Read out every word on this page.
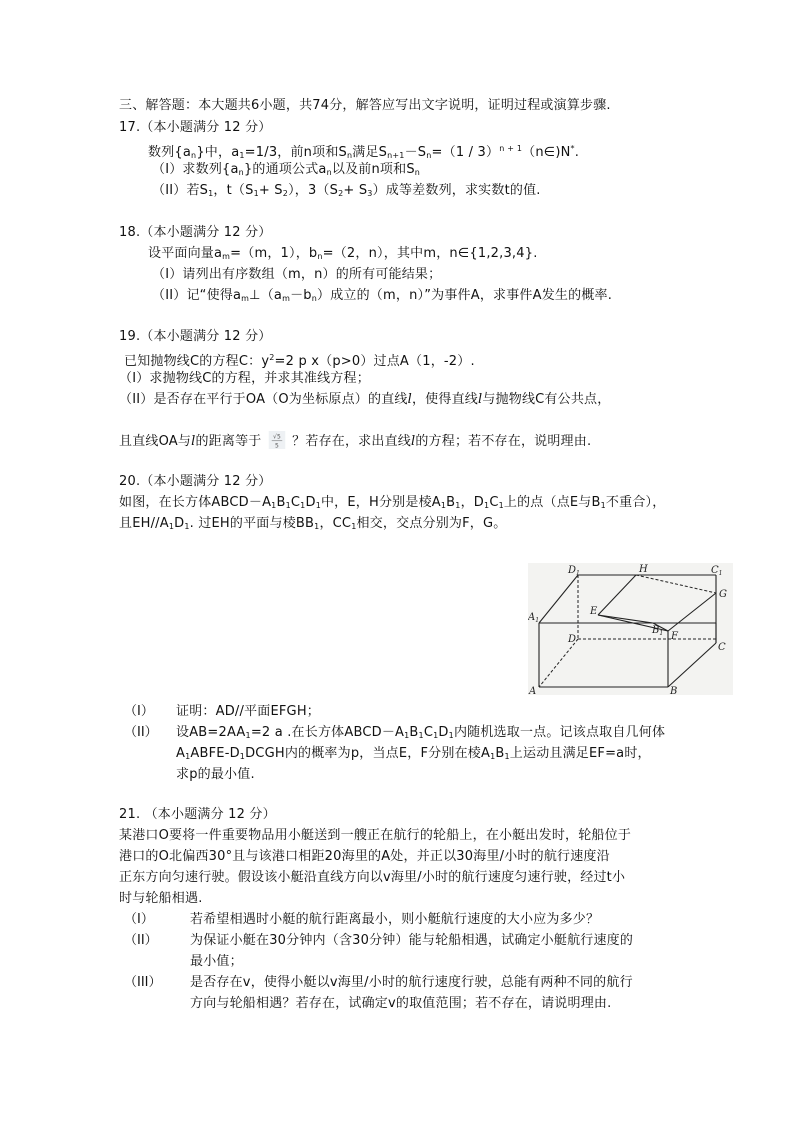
三、解答题：本大题共6小题，共74分，解答应写出文字说明，证明过程或演算步骤.
17.（本小题满分 12 分）
数列$\{a_n\}$中，$a_1=1/3$，前n项和$S_n$满足$S_{n+1}-S_n=(1$ / 3）$^{n + 1}$（n∈)N*.
（I）求数列$\{a_n\}$的通项公式$a_n$以及前n项和$S_n$
（II）若$S_1$，$t(S_1+ S_2)$，$3(S_2+ S_3)$成等差数列，求实数t的值.
18.（本小题满分 12 分）
设平面向量$a_m=(m$，1），$b_n=(2$，n），其中m，n∈{1,2,3,4}.
（I）请列出有序数组（m，n）的所有可能结果；
（II）记“使得$a_m\perp(a_m-b_n)$成立的（m，n）”为事件A，求事件A发生的概率.
19.（本小题满分 12 分）
已知抛物线C的方程C：$y^2=2$ p x（p>0）过点A（1，-2）.
（I）求抛物线C的方程，并求其准线方程；
（II）是否存在平行于OA（O为坐标原点）的直线l，使得直线l与抛物线C有公共点，
且直线OA与l的距离等于 √5
5 ？若存在，求出直线l的方程；若不存在，说明理由.
20.（本小题满分 12 分）
如图，在长方体$ABCD-A_1B_1C_1D_1$中，E，H分别是棱$A_1B_1$，$D_1C_1$上的点（点E与$B_1$不重合），
且$EH//A_1D_1$. 过EH的平面与棱$BB_1$，$CC_1$相交，交点分别为F，G。
$D_1$	H	$C_1$
G
$A_1$
E
$B_1$
D	F
C
A	B
（I） 证明：AD//平面EFGH；
（II） 设$AB=2AA_1=2$ a .在长方体$ABCD-A_1B_1C_1D_1$内随机选取一点。记该点取自几何体
$A_1ABFE-D_1DCGH$内的概率为p，当点E，F分别在棱$A_1B_1$上运动且满足EF=a时，
求p的最小值.
21. （本小题满分 12 分）
某港口O要将一件重要物品用小艇送到一艘正在航行的轮船上，在小艇出发时，轮船位于
港口的O北偏西30°且与该港口相距20海里的A处，并正以30海里/小时的航行速度沿
正东方向匀速行驶。假设该小艇沿直线方向以v海里/小时的航行速度匀速行驶，经过t小
时与轮船相遇.
（I）	若希望相遇时小艇的航行距离最小，则小艇航行速度的大小应为多少？
（II） 为保证小艇在30分钟内（含30分钟）能与轮船相遇，试确定小艇航行速度的
最小值；
（III） 是否存在v，使得小艇以v海里/小时的航行速度行驶，总能有两种不同的航行
方向与轮船相遇？若存在，试确定v的取值范围；若不存在，请说明理由.
